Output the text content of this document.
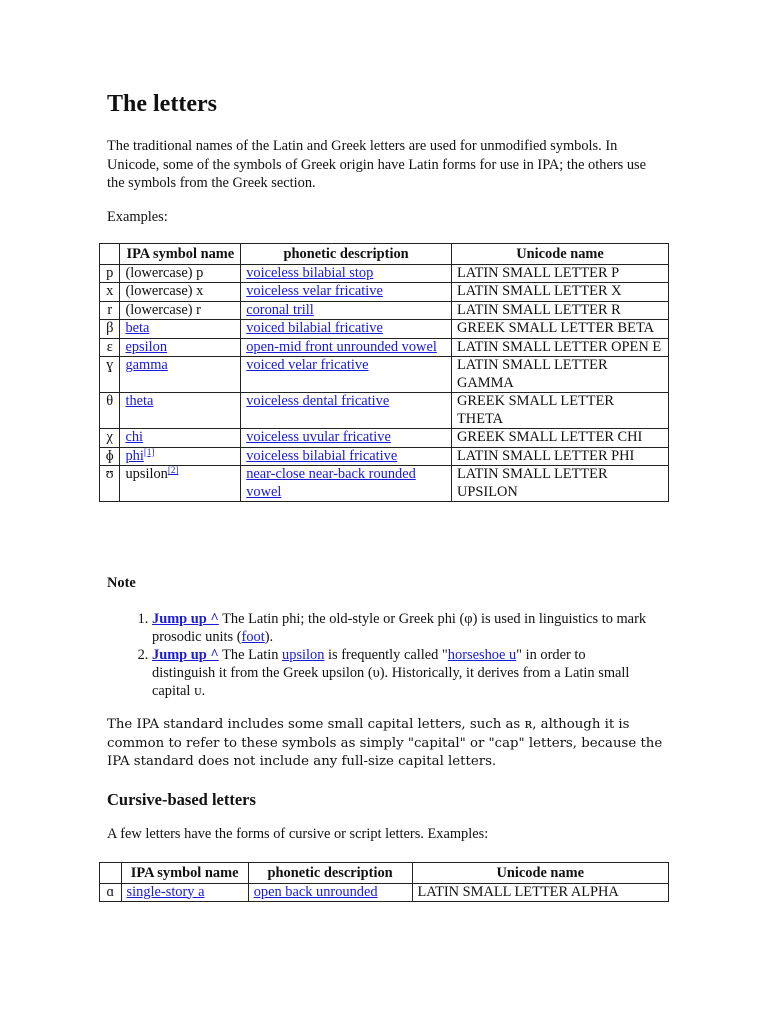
The letters

The traditional names of the Latin and Greek letters are used for unmodified symbols. In Unicode, some of the symbols of Greek origin have Latin forms for use in IPA; the others use the symbols from the Greek section.

Examples:

	IPA symbol name	phonetic description	Unicode name
p	(lowercase) p	voiceless bilabial stop	LATIN SMALL LETTER P
x	(lowercase) x	voiceless velar fricative	LATIN SMALL LETTER X
r	(lowercase) r	coronal trill	LATIN SMALL LETTER R
β	beta	voiced bilabial fricative	GREEK SMALL LETTER BETA
ɛ	epsilon	open-mid front unrounded vowel	LATIN SMALL LETTER OPEN E
ɣ	gamma	voiced velar fricative	LATIN SMALL LETTER GAMMA
θ	theta	voiceless dental fricative	GREEK SMALL LETTER THETA
χ	chi	voiceless uvular fricative	GREEK SMALL LETTER CHI
ɸ	phi[1]	voiceless bilabial fricative	LATIN SMALL LETTER PHI
ʊ	upsilon[2]	near-close near-back rounded vowel	LATIN SMALL LETTER UPSILON

Note

1. Jump up ^ The Latin phi; the old-style or Greek phi (φ) is used in linguistics to mark prosodic units (foot).
2. Jump up ^ The Latin upsilon is frequently called "horseshoe u" in order to distinguish it from the Greek upsilon (υ). Historically, it derives from a Latin small capital ᴜ.

The IPA standard includes some small capital letters, such as ʀ, although it is common to refer to these symbols as simply "capital" or "cap" letters, because the IPA standard does not include any full-size capital letters.

Cursive-based letters

A few letters have the forms of cursive or script letters. Examples:

	IPA symbol name	phonetic description	Unicode name
ɑ	single-story a	open back unrounded	LATIN SMALL LETTER ALPHA
